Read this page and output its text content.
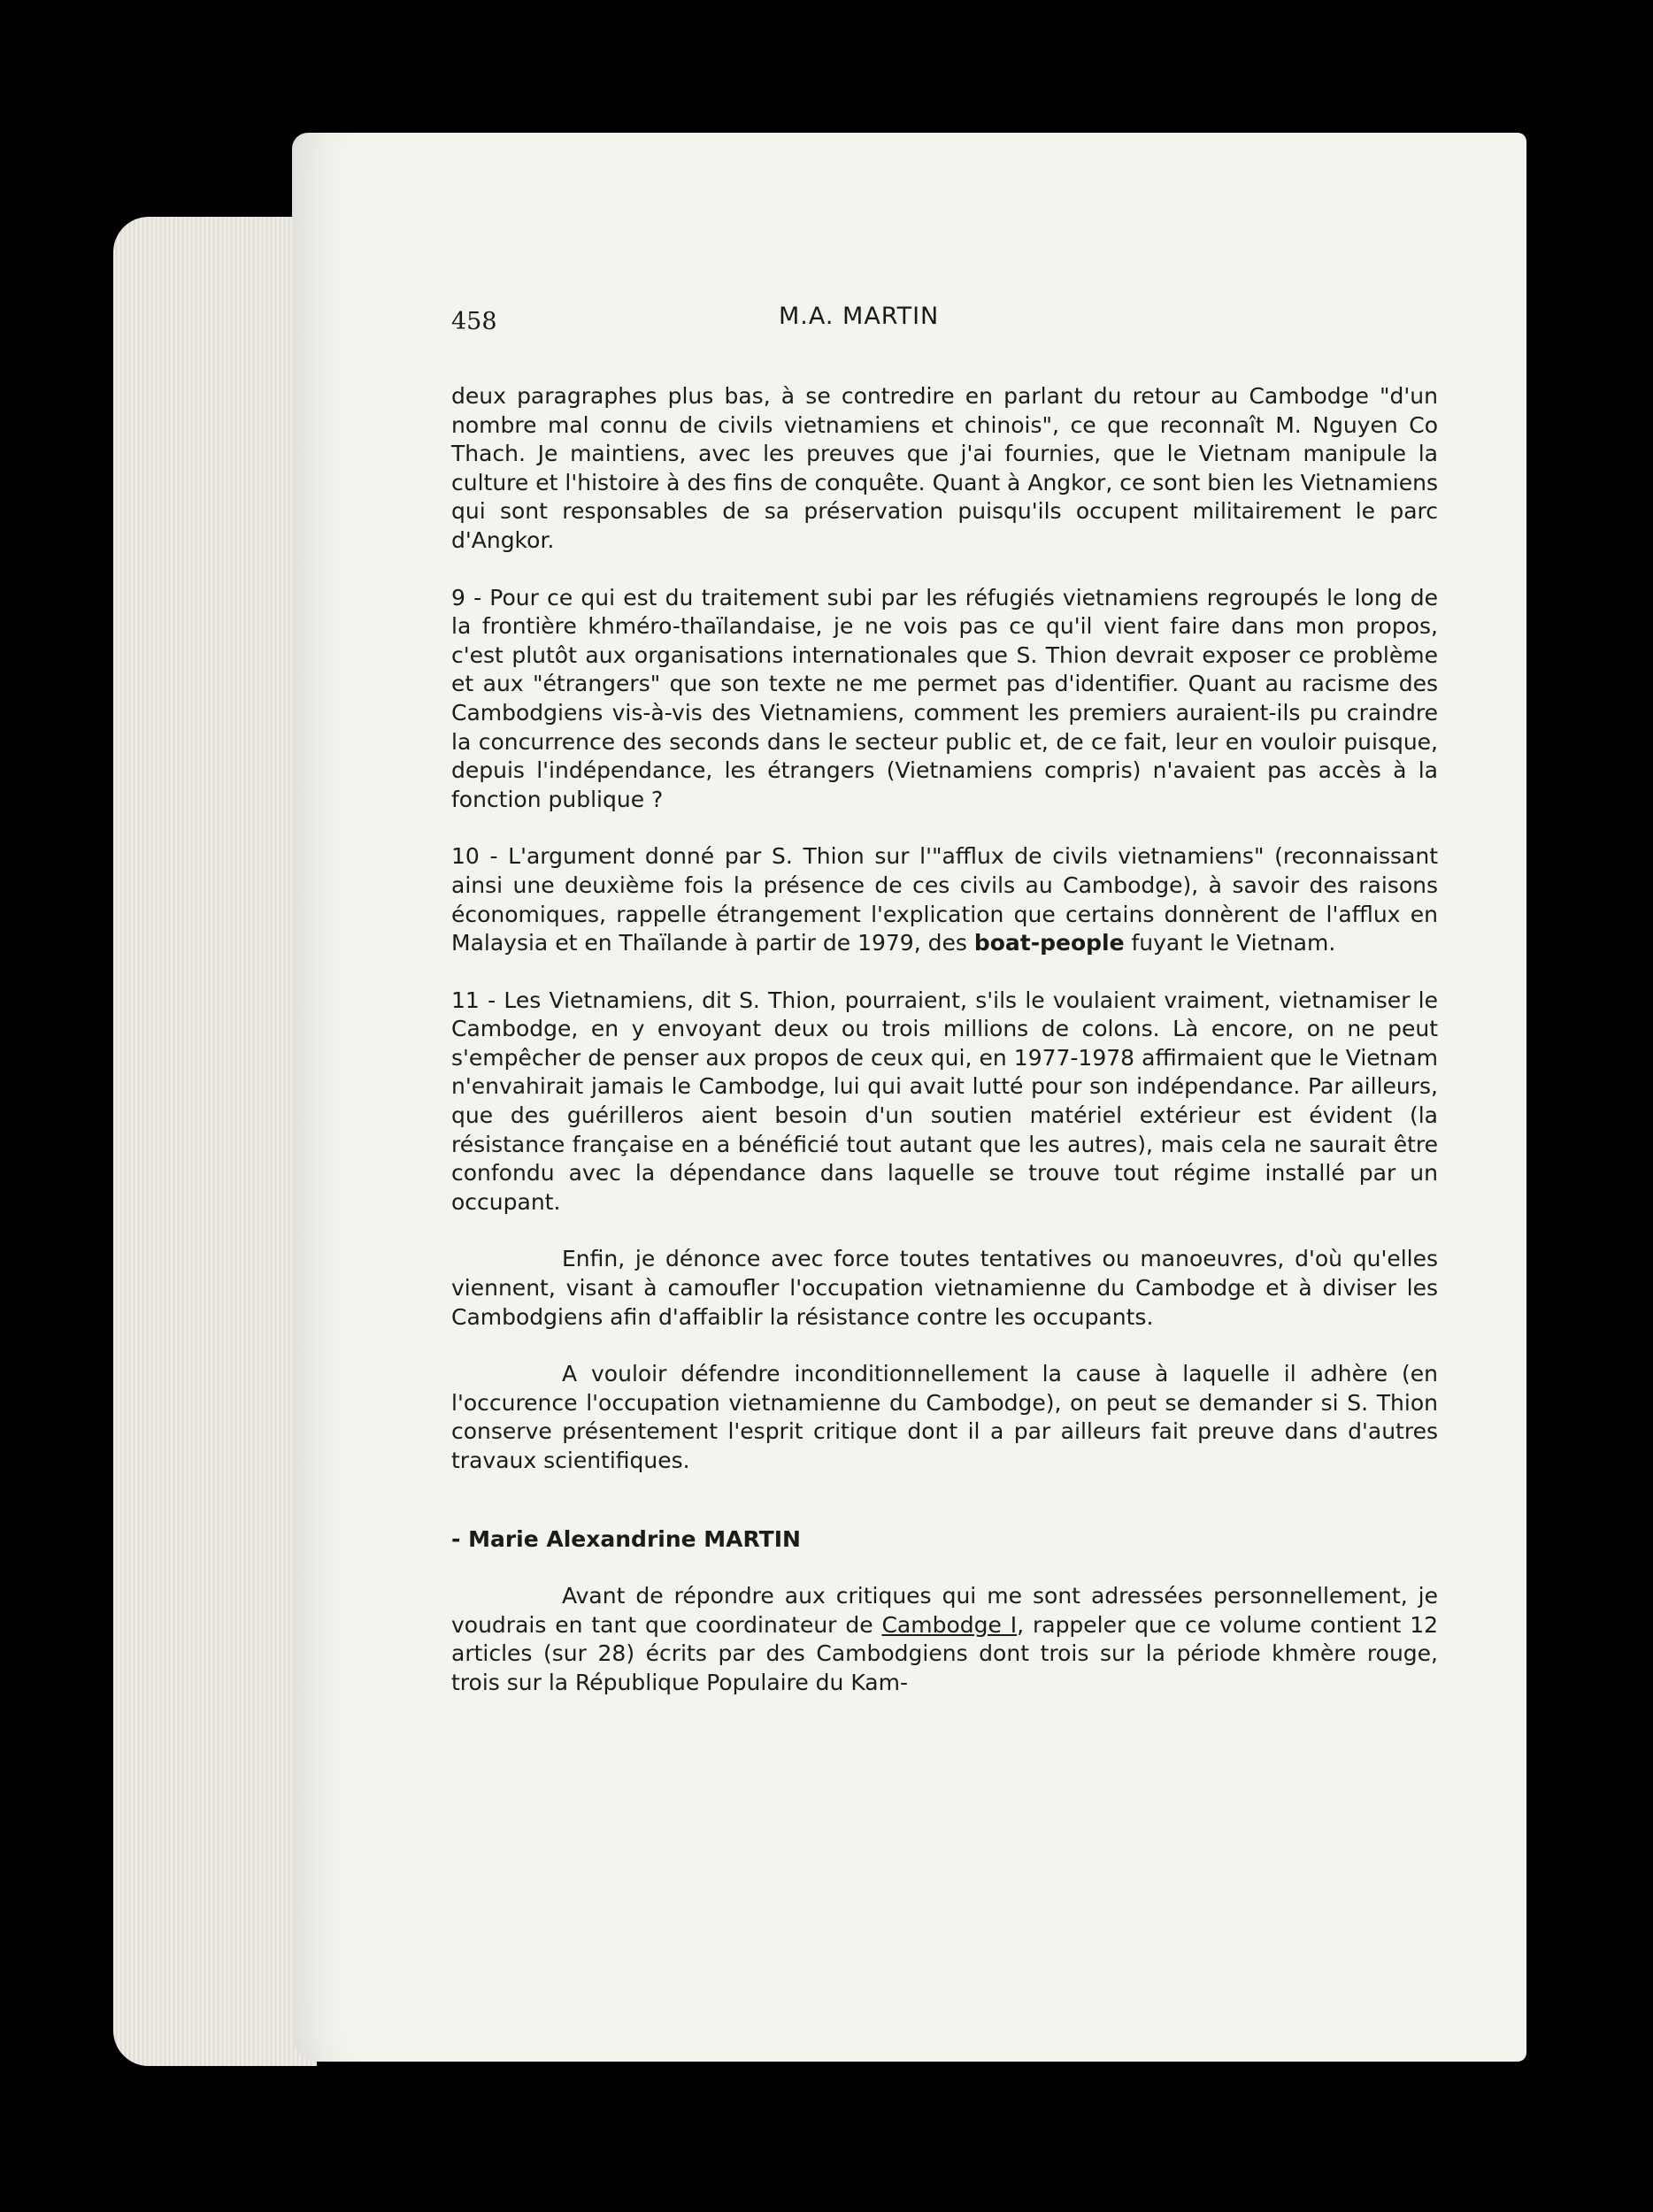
458	M.A. MARTIN

deux paragraphes plus bas, à se contredire en parlant du retour au Cambodge "d'un nombre mal connu de civils vietnamiens et chinois", ce que reconnaît M. Nguyen Co Thach. Je maintiens, avec les preuves que j'ai fournies, que le Vietnam manipule la culture et l'histoire à des fins de conquête. Quant à Angkor, ce sont bien les Vietnamiens qui sont responsables de sa préservation puisqu'ils occupent militairement le parc d'Angkor.

9 - Pour ce qui est du traitement subi par les réfugiés vietnamiens regroupés le long de la frontière khméro-thaïlandaise, je ne vois pas ce qu'il vient faire dans mon propos, c'est plutôt aux organisations internationales que S. Thion devrait exposer ce problème et aux "étrangers" que son texte ne me permet pas d'identifier. Quant au racisme des Cambodgiens vis-à-vis des Vietnamiens, comment les premiers auraient-ils pu craindre la concurrence des seconds dans le secteur public et, de ce fait, leur en vouloir puisque, depuis l'indépendance, les étrangers (Vietnamiens compris) n'avaient pas accès à la fonction publique ?

10 - L'argument donné par S. Thion sur l'"afflux de civils vietnamiens" (reconnaissant ainsi une deuxième fois la présence de ces civils au Cambodge), à savoir des raisons économiques, rappelle étrangement l'explication que certains donnèrent de l'afflux en Malaysia et en Thaïlande à partir de 1979, des boat-people fuyant le Vietnam.

11 - Les Vietnamiens, dit S. Thion, pourraient, s'ils le voulaient vraiment, vietnamiser le Cambodge, en y envoyant deux ou trois millions de colons. Là encore, on ne peut s'empêcher de penser aux propos de ceux qui, en 1977-1978 affirmaient que le Vietnam n'envahirait jamais le Cambodge, lui qui avait lutté pour son indépendance. Par ailleurs, que des guérilleros aient besoin d'un soutien matériel extérieur est évident (la résistance française en a bénéficié tout autant que les autres), mais cela ne saurait être confondu avec la dépendance dans laquelle se trouve tout régime installé par un occupant.

Enfin, je dénonce avec force toutes tentatives ou manoeuvres, d'où qu'elles viennent, visant à camoufler l'occupation vietnamienne du Cambodge et à diviser les Cambodgiens afin d'affaiblir la résistance contre les occupants.

A vouloir défendre inconditionnellement la cause à laquelle il adhère (en l'occurence l'occupation vietnamienne du Cambodge), on peut se demander si S. Thion conserve présentement l'esprit critique dont il a par ailleurs fait preuve dans d'autres travaux scientifiques.

- Marie Alexandrine MARTIN

Avant de répondre aux critiques qui me sont adressées personnellement, je voudrais en tant que coordinateur de Cambodge I, rappeler que ce volume contient 12 articles (sur 28) écrits par des Cambodgiens dont trois sur la période khmère rouge, trois sur la République Populaire du Kam-
